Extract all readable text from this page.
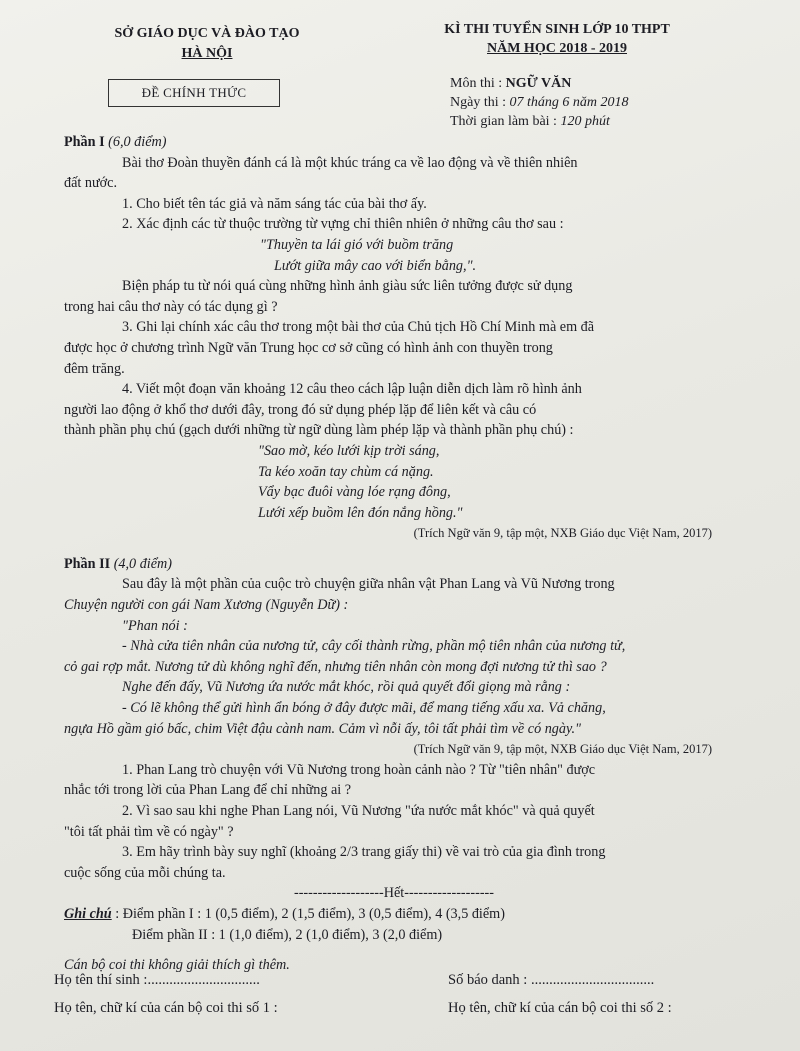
SỞ GIÁO DỤC VÀ ĐÀO TẠO
HÀ NỘI
KÌ THI TUYỂN SINH LỚP 10 THPT
NĂM HỌC 2018 - 2019
ĐỀ CHÍNH THỨC
Môn thi : NGỮ VĂN
Ngày thi : 07 tháng 6 năm 2018
Thời gian làm bài : 120 phút

Phần I (6,0 điểm)

Bài thơ Đoàn thuyền đánh cá là một khúc tráng ca về lao động và về thiên nhiên

đất nước.

1. Cho biết tên tác giả và năm sáng tác của bài thơ ấy.

2. Xác định các từ thuộc trường từ vựng chỉ thiên nhiên ở những câu thơ sau :

"Thuyền ta lái gió với buồm trăng

Lướt giữa mây cao với biển bằng,".

Biện pháp tu từ nói quá cùng những hình ảnh giàu sức liên tưởng được sử dụng

trong hai câu thơ này có tác dụng gì ?

3. Ghi lại chính xác câu thơ trong một bài thơ của Chủ tịch Hồ Chí Minh mà em đã

được học ở chương trình Ngữ văn Trung học cơ sở cũng có hình ảnh con thuyền trong

đêm trăng.

4. Viết một đoạn văn khoảng 12 câu theo cách lập luận diễn dịch làm rõ hình ảnh

người lao động ở khổ thơ dưới đây, trong đó sử dụng phép lặp để liên kết và câu có

thành phần phụ chú (gạch dưới những từ ngữ dùng làm phép lặp và thành phần phụ chú) :

"Sao mờ, kéo lưới kịp trời sáng,

Ta kéo xoăn tay chùm cá nặng.

Vẩy bạc đuôi vàng lóe rạng đông,

Lưới xếp buồm lên đón nắng hồng."

(Trích Ngữ văn 9, tập một, NXB Giáo dục Việt Nam, 2017)

Phần II (4,0 điểm)

Sau đây là một phần của cuộc trò chuyện giữa nhân vật Phan Lang và Vũ Nương trong

Chuyện người con gái Nam Xương (Nguyễn Dữ) :

"Phan nói :

- Nhà cửa tiên nhân của nương tử, cây cối thành rừng, phần mộ tiên nhân của nương tử,

cỏ gai rợp mắt. Nương tử dù không nghĩ đến, nhưng tiên nhân còn mong đợi nương tử thì sao ?

Nghe đến đấy, Vũ Nương ứa nước mắt khóc, rồi quả quyết đổi giọng mà rằng :

- Có lẽ không thể gửi hình ẩn bóng ở đây được mãi, để mang tiếng xấu xa. Vả chăng,

ngựa Hồ gầm gió bấc, chim Việt đậu cành nam. Cảm vì nỗi ấy, tôi tất phải tìm về có ngày."

(Trích Ngữ văn 9, tập một, NXB Giáo dục Việt Nam, 2017)

1. Phan Lang trò chuyện với Vũ Nương trong hoàn cảnh nào ? Từ "tiên nhân" được

nhắc tới trong lời của Phan Lang để chỉ những ai ?

2. Vì sao sau khi nghe Phan Lang nói, Vũ Nương "ứa nước mắt khóc" và quả quyết

"tôi tất phải tìm về có ngày" ?

3. Em hãy trình bày suy nghĩ (khoảng 2/3 trang giấy thi) về vai trò của gia đình trong

cuộc sống của mỗi chúng ta.

-------------------Hết-------------------

Ghi chú : Điểm phần I : 1 (0,5 điểm), 2 (1,5 điểm), 3 (0,5 điểm), 4 (3,5 điểm)

Điểm phần II : 1 (1,0 điểm), 2 (1,0 điểm), 3 (2,0 điểm)

Cán bộ coi thi không giải thích gì thêm.

Họ tên thí sinh :...............................	Số báo danh : ..................................
Họ tên, chữ kí của cán bộ coi thi số 1 :	Họ tên, chữ kí của cán bộ coi thi số 2 :
